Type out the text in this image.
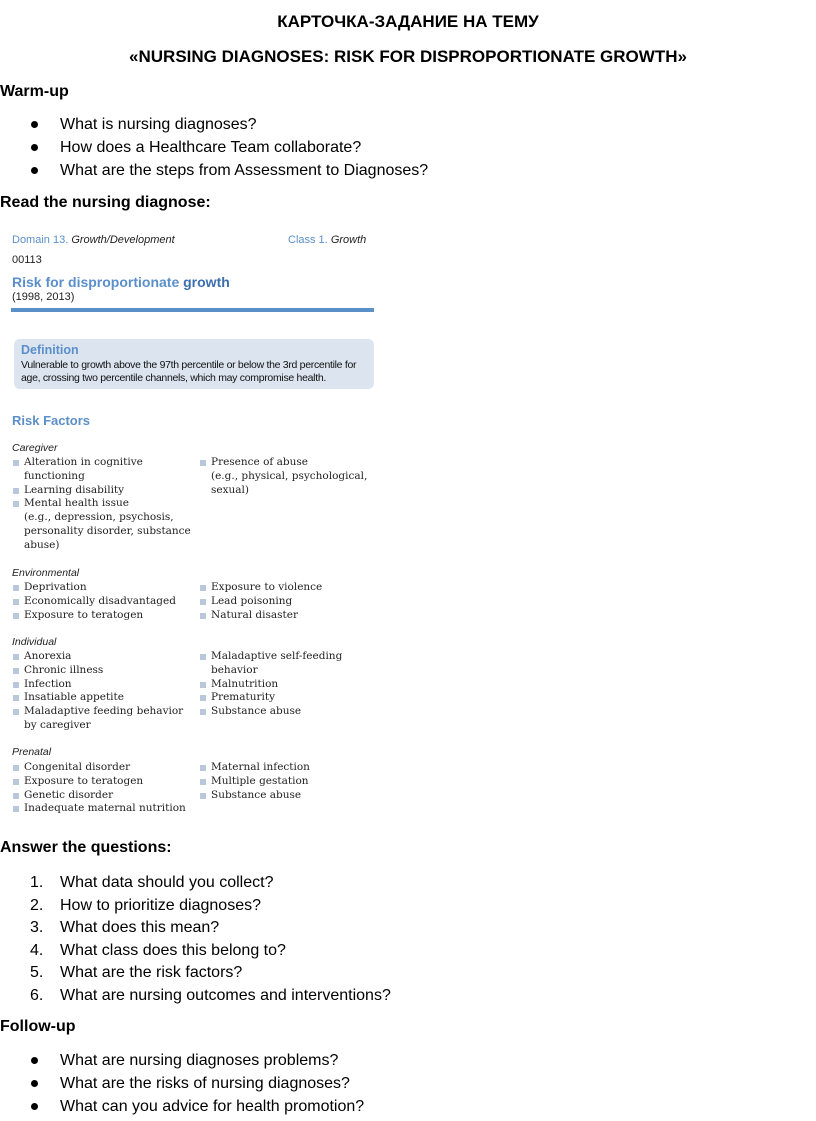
КАРТОЧКА-ЗАДАНИЕ НА ТЕМУ
«NURSING DIAGNOSES: RISK FOR DISPROPORTIONATE GROWTH»
Warm-up
What is nursing diagnoses?
How does a Healthcare Team collaborate?
What are the steps from Assessment to Diagnoses?
Read the nursing diagnose:
Domain 13. Growth/Development	Class 1. Growth
00113
Risk for disproportionate growth
(1998, 2013)
Definition
Vulnerable to growth above the 97th percentile or below the 3rd percentile for age, crossing two percentile channels, which may compromise health.
Risk Factors
Caregiver
Alteration in cognitive
functioning
Learning disability
Mental health issue
(e.g., depression, psychosis,
personality disorder, substance
abuse)
Presence of abuse
(e.g., physical, psychological,
sexual)
Environmental
Deprivation
Economically disadvantaged
Exposure to teratogen
Exposure to violence
Lead poisoning
Natural disaster
Individual
Anorexia
Chronic illness
Infection
Insatiable appetite
Maladaptive feeding behavior
by caregiver
Maladaptive self-feeding
behavior
Malnutrition
Prematurity
Substance abuse
Prenatal
Congenital disorder
Exposure to teratogen
Genetic disorder
Inadequate maternal nutrition
Maternal infection
Multiple gestation
Substance abuse
Answer the questions:
1. What data should you collect?
2. How to prioritize diagnoses?
3. What does this mean?
4. What class does this belong to?
5. What are the risk factors?
6. What are nursing outcomes and interventions?
Follow-up
What are nursing diagnoses problems?
What are the risks of nursing diagnoses?
What can you advice for health promotion?
